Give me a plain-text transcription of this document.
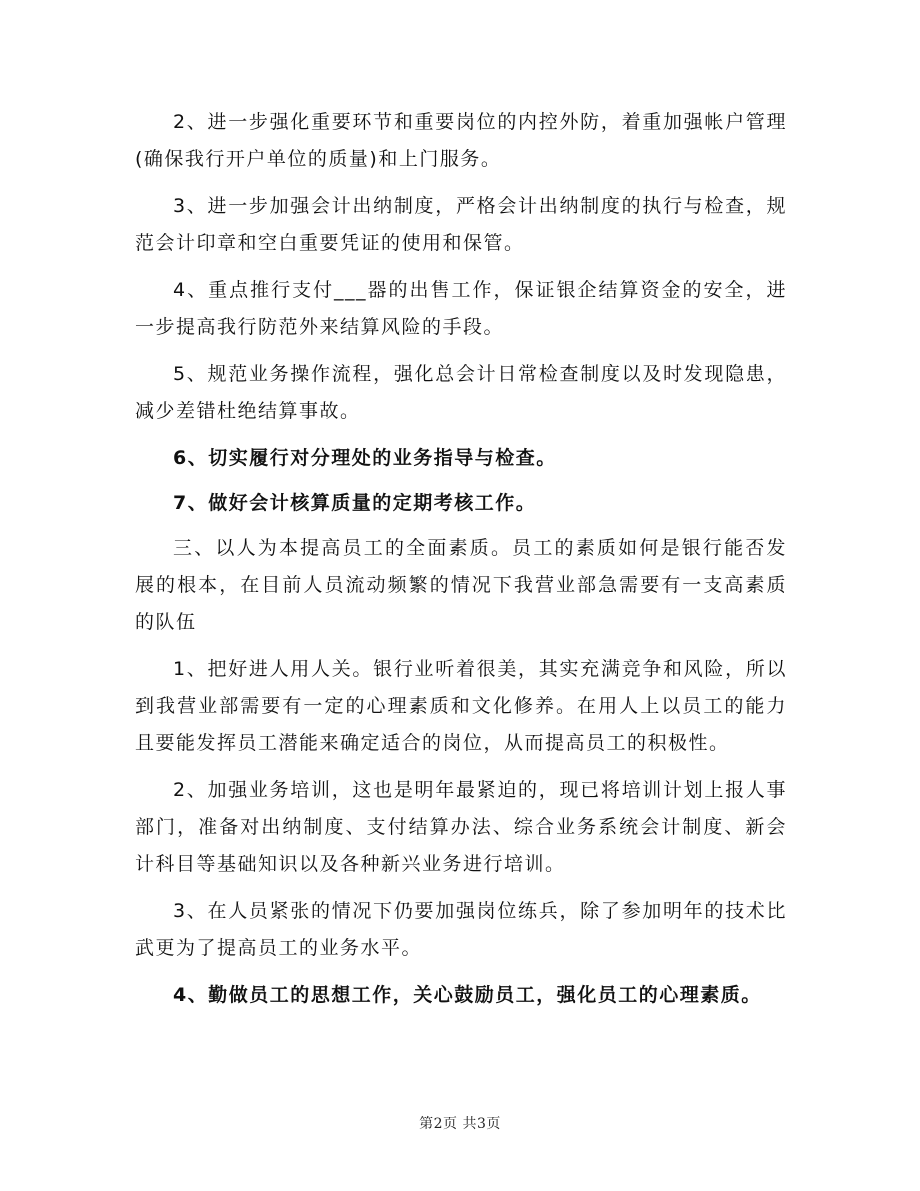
2、进一步强化重要环节和重要岗位的内控外防，着重加强帐户管理(确保我行开户单位的质量)和上门服务。

3、进一步加强会计出纳制度，严格会计出纳制度的执行与检查，规范会计印章和空白重要凭证的使用和保管。

4、重点推行支付___器的出售工作，保证银企结算资金的安全，进一步提高我行防范外来结算风险的手段。

5、规范业务操作流程，强化总会计日常检查制度以及时发现隐患，减少差错杜绝结算事故。

6、切实履行对分理处的业务指导与检查。

7、做好会计核算质量的定期考核工作。

三、以人为本提高员工的全面素质。员工的素质如何是银行能否发展的根本，在目前人员流动频繁的情况下我营业部急需要有一支高素质的队伍

1、把好进人用人关。银行业听着很美，其实充满竞争和风险，所以到我营业部需要有一定的心理素质和文化修养。在用人上以员工的能力且要能发挥员工潜能来确定适合的岗位，从而提高员工的积极性。

2、加强业务培训，这也是明年最紧迫的，现已将培训计划上报人事部门，准备对出纳制度、支付结算办法、综合业务系统会计制度、新会计科目等基础知识以及各种新兴业务进行培训。

3、在人员紧张的情况下仍要加强岗位练兵，除了参加明年的技术比武更为了提高员工的业务水平。

4、勤做员工的思想工作，关心鼓励员工，强化员工的心理素质。

第2页 共3页
